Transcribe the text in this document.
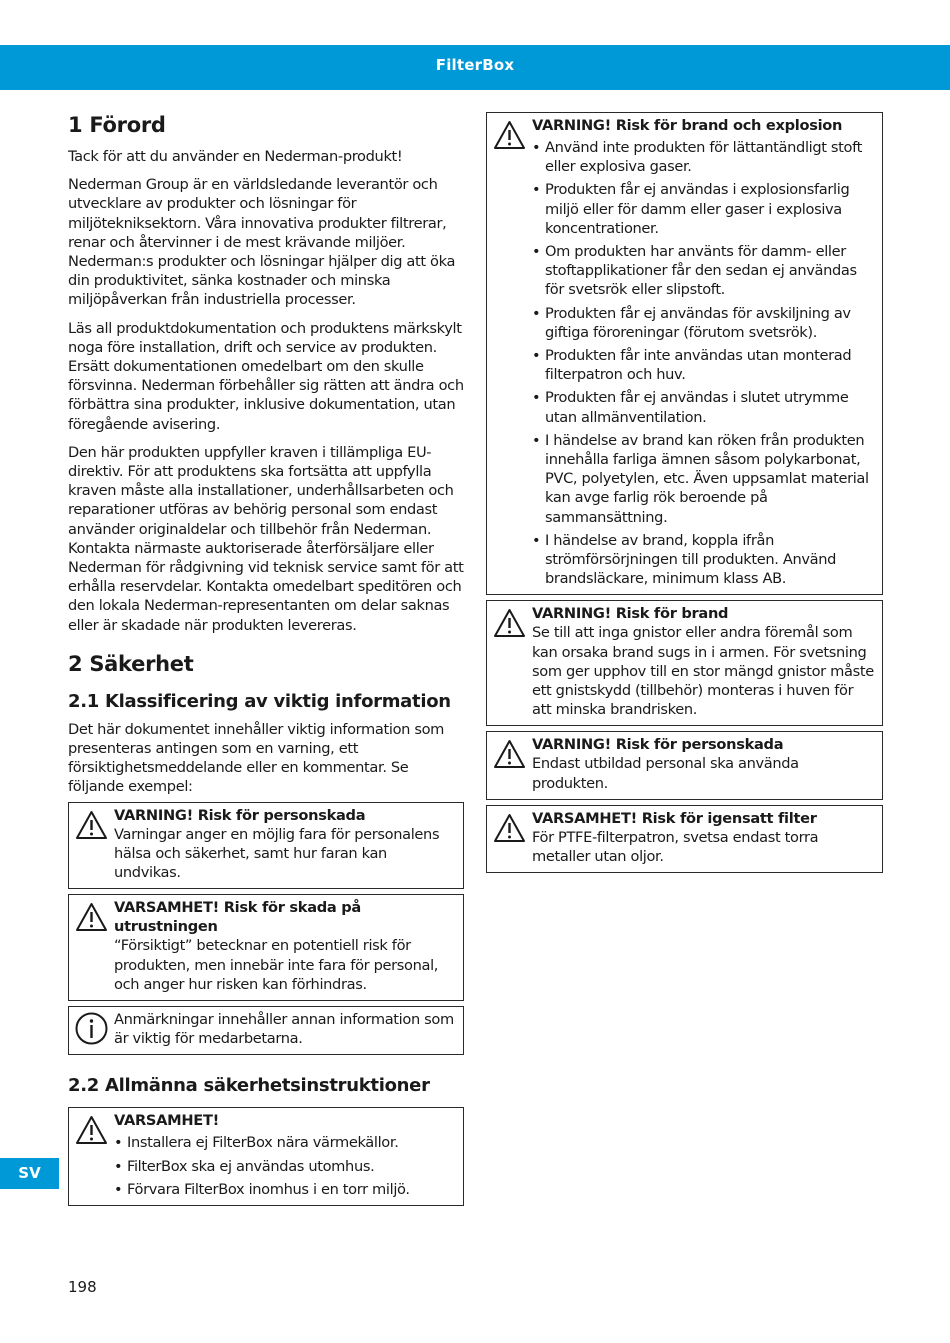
FilterBox
1 Förord

Tack för att du använder en Nederman-produkt!

Nederman Group är en världsledande leverantör och utvecklare av produkter och lösningar för miljötekniksektorn. Våra innovativa produkter filtrerar, renar och återvinner i de mest krävande miljöer. Nederman:s produkter och lösningar hjälper dig att öka din produktivitet, sänka kostnader och minska miljöpåverkan från industriella processer.

Läs all produktdokumentation och produktens märkskylt noga före installation, drift och service av produkten. Ersätt dokumentationen omedelbart om den skulle försvinna. Nederman förbehåller sig rätten att ändra och förbättra sina produkter, inklusive dokumentation, utan föregående avisering.

Den här produkten uppfyller kraven i tillämpliga EU-direktiv. För att produktens ska fortsätta att uppfylla kraven måste alla installationer, underhållsarbeten och reparationer utföras av behörig personal som endast använder originaldelar och tillbehör från Nederman. Kontakta närmaste auktoriserade återförsäljare eller Nederman för rådgivning vid teknisk service samt för att erhålla reservdelar. Kontakta omedelbart speditören och den lokala Nederman-representanten om delar saknas eller är skadade när produkten levereras.

2 Säkerhet
2.1 Klassificering av viktig information

Det här dokumentet innehåller viktig information som presenteras antingen som en varning, ett försiktighetsmeddelande eller en kommentar. Se följande exempel:

VARNING! Risk för personskada
Varningar anger en möjlig fara för personalens hälsa och säkerhet, samt hur faran kan undvikas.
VARSAMHET! Risk för skada på utrustningen
“Försiktigt” betecknar en potentiell risk för produkten, men innebär inte fara för personal, och anger hur risken kan förhindras.
Anmärkningar innehåller annan information som är viktig för medarbetarna.
2.2 Allmänna säkerhetsinstruktioner
VARSAMHET!
• Installera ej FilterBox nära värmekällor.
• FilterBox ska ej användas utomhus.
• Förvara FilterBox inomhus i en torr miljö.
VARNING! Risk för brand och explosion
• Använd inte produkten för lättantändligt stoft eller explosiva gaser.
• Produkten får ej användas i explosionsfarlig miljö eller för damm eller gaser i explosiva koncentrationer.
• Om produkten har använts för damm- eller stoftapplikationer får den sedan ej användas för svetsrök eller slipstoft.
• Produkten får ej användas för avskiljning av giftiga föroreningar (förutom svetsrök).
• Produkten får inte användas utan monterad filterpatron och huv.
• Produkten får ej användas i slutet utrymme utan allmänventilation.
• I händelse av brand kan röken från produkten innehålla farliga ämnen såsom polykarbonat, PVC, polyetylen, etc. Även uppsamlat material kan avge farlig rök beroende på sammansättning.
• I händelse av brand, koppla ifrån strömförsörjningen till produkten. Använd brandsläckare, minimum klass AB.
VARNING! Risk för brand
Se till att inga gnistor eller andra föremål som kan orsaka brand sugs in i armen. För svetsning som ger upphov till en stor mängd gnistor måste ett gnistskydd (tillbehör) monteras i huven för att minska brandrisken.
VARNING! Risk för personskada
Endast utbildad personal ska använda produkten.
VARSAMHET! Risk för igensatt filter
För PTFE-filterpatron, svetsa endast torra metaller utan oljor.
SV
198
